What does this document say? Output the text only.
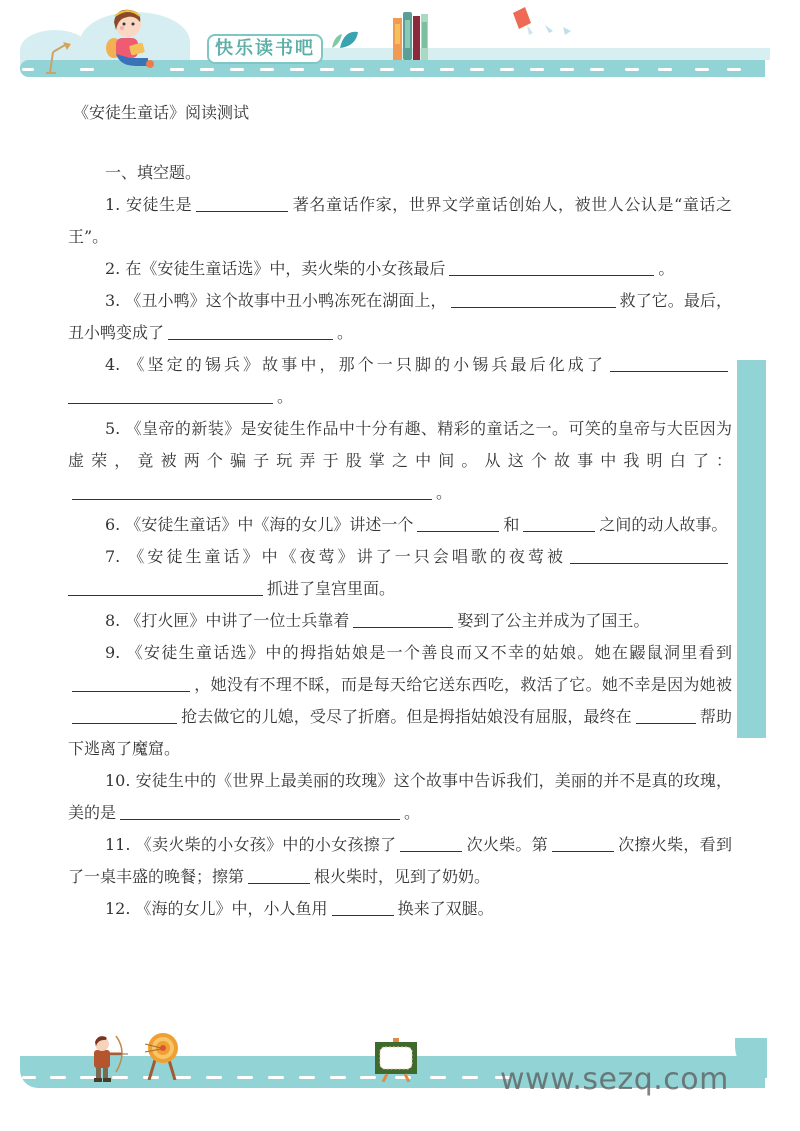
快乐读书吧

《安徒生童话》阅读测试

一、填空题。

1. 安徒生是	著名童话作家，世界文学童话创始人，被世人公认是“童话之王”。

2. 在《安徒生童话选》中，卖火柴的小女孩最后	。

3. 《丑小鸭》这个故事中丑小鸭冻死在湖面上，	救了它。最后，丑小鸭变成了	。

4. 《坚定的锡兵》故事中，那个一只脚的小锡兵最后化成了。

5. 《皇帝的新装》是安徒生作品中十分有趣、精彩的童话之一。可笑的皇帝与大臣因为虚荣，竟被两个骗子玩弄于股掌之中间。从这个故事中我明白了：。

6. 《安徒生童话》中《海的女儿》讲述一个	和	之间的动人故事。

7. 《安徒生童话》中《夜莺》讲了一只会唱歌的夜莺被抓进了皇宫里面。

8. 《打火匣》中讲了一位士兵靠着	娶到了公主并成为了国王。

9. 《安徒生童话选》中的拇指姑娘是一个善良而又不幸的姑娘。她在鼹鼠洞里看到，她没有不理不睬，而是每天给它送东西吃，救活了它。她不幸是因为她被抢去做它的儿媳，受尽了折磨。但是拇指姑娘没有屈服，最终在	帮助下逃离了魔窟。

10. 安徒生中的《世界上最美丽的玫瑰》这个故事中告诉我们，美丽的并不是真的玫瑰，美的是	。

11. 《卖火柴的小女孩》中的小女孩擦了	次火柴。第	次擦火柴，看到了一桌丰盛的晚餐；擦第	根火柴时，见到了奶奶。

12. 《海的女儿》中，小人鱼用	换来了双腿。

www.sezq.com
